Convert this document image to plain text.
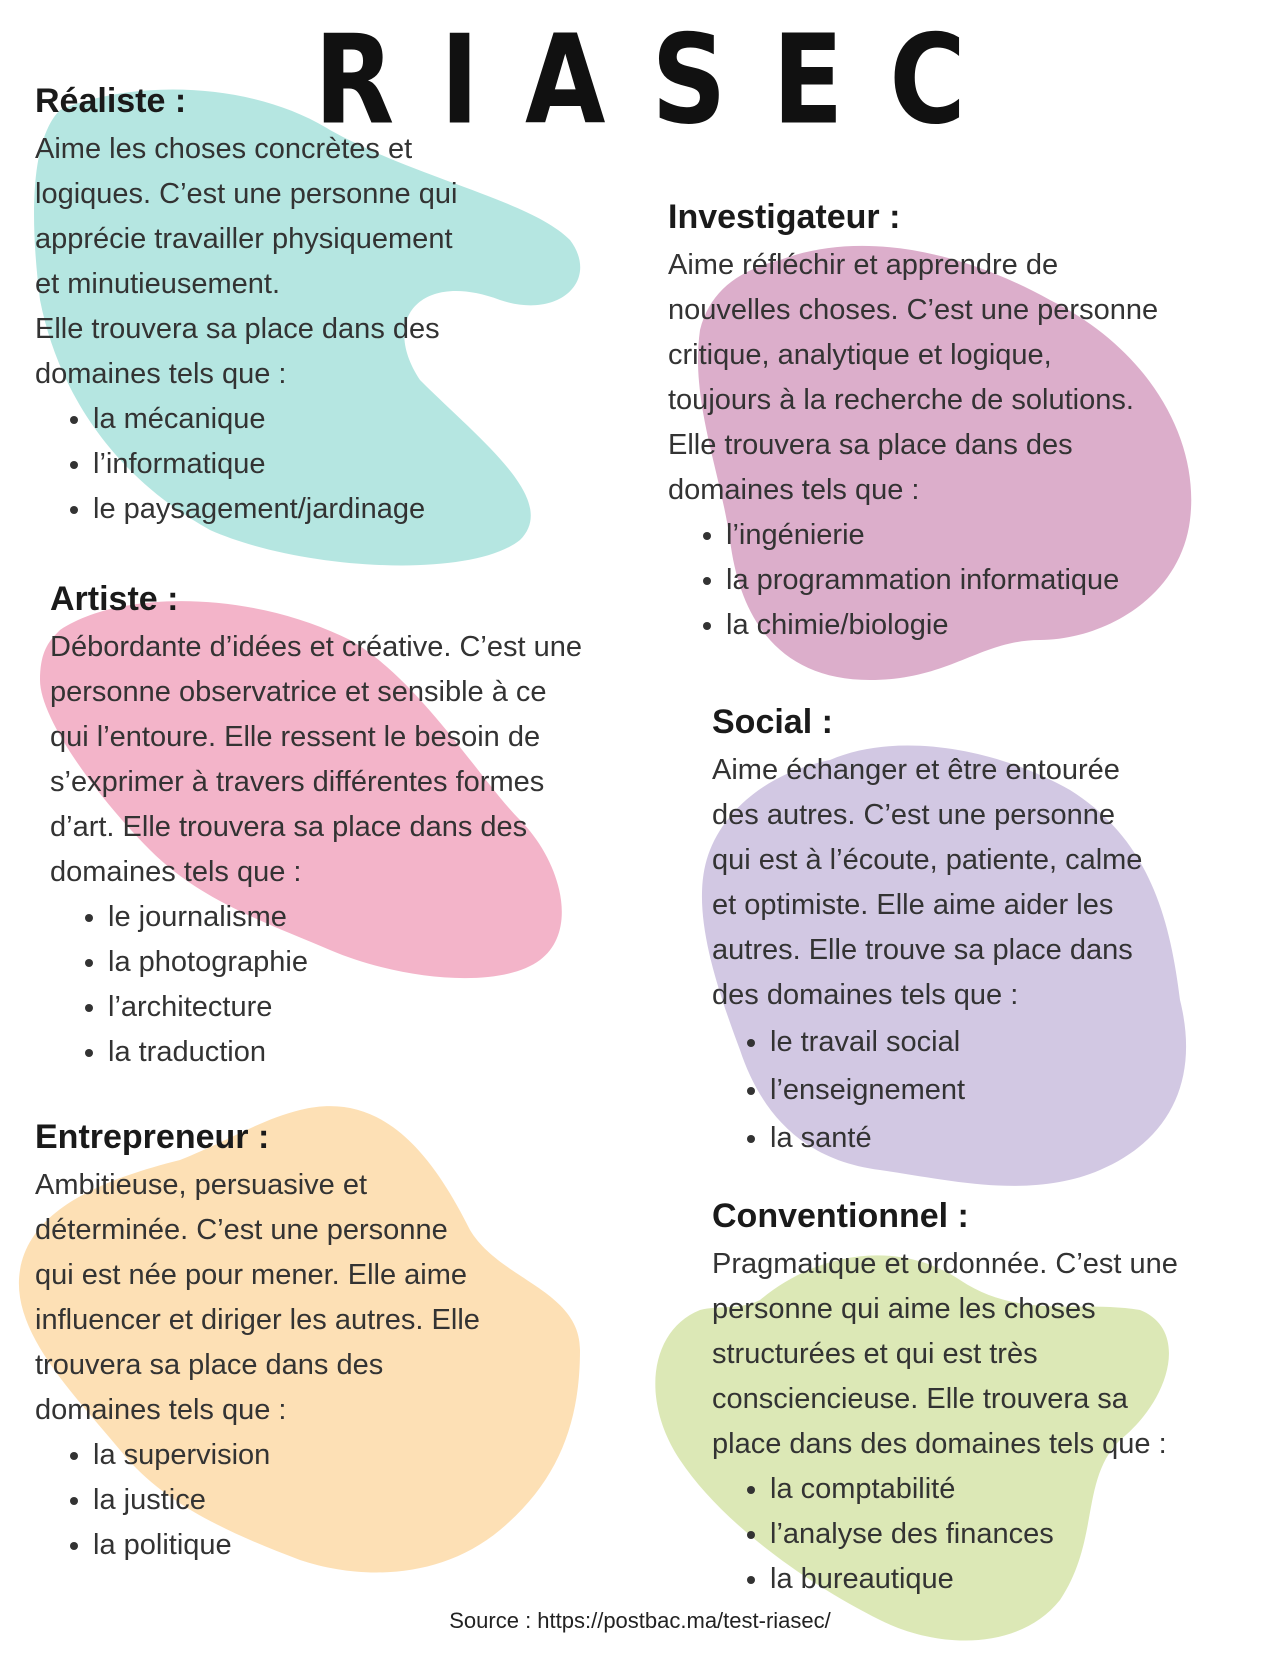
RIASEC
Réaliste :

Aime les choses concrètes et
logiques. C’est une personne qui
apprécie travailler physiquement
et minutieusement.
Elle trouvera sa place dans des
domaines tels que :

• la mécanique
• l’informatique
• le paysagement/jardinage
Investigateur :

Aime réfléchir et apprendre de
nouvelles choses. C’est une personne
critique, analytique et logique,
toujours à la recherche de solutions.
Elle trouvera sa place dans des
domaines tels que :

• l’ingénierie
• la programmation informatique
• la chimie/biologie
Artiste :

Débordante d’idées et créative. C’est une
personne observatrice et sensible à ce
qui l’entoure. Elle ressent le besoin de
s’exprimer à travers différentes formes
d’art. Elle trouvera sa place dans des
domaines tels que :

• le journalisme
• la photographie
• l’architecture
• la traduction
Social :

Aime échanger et être entourée
des autres. C’est une personne
qui est à l’écoute, patiente, calme
et optimiste. Elle aime aider les
autres. Elle trouve sa place dans
des domaines tels que :

• le travail social
• l’enseignement
• la santé
Entrepreneur :

Ambitieuse, persuasive et
déterminée. C’est une personne
qui est née pour mener. Elle aime
influencer et diriger les autres. Elle
trouvera sa place dans des
domaines tels que :

• la supervision
• la justice
• la politique
Conventionnel :

Pragmatique et ordonnée. C’est une
personne qui aime les choses
structurées et qui est très
consciencieuse. Elle trouvera sa
place dans des domaines tels que :

• la comptabilité
• l’analyse des finances
• la bureautique
Source : https://postbac.ma/test-riasec/
